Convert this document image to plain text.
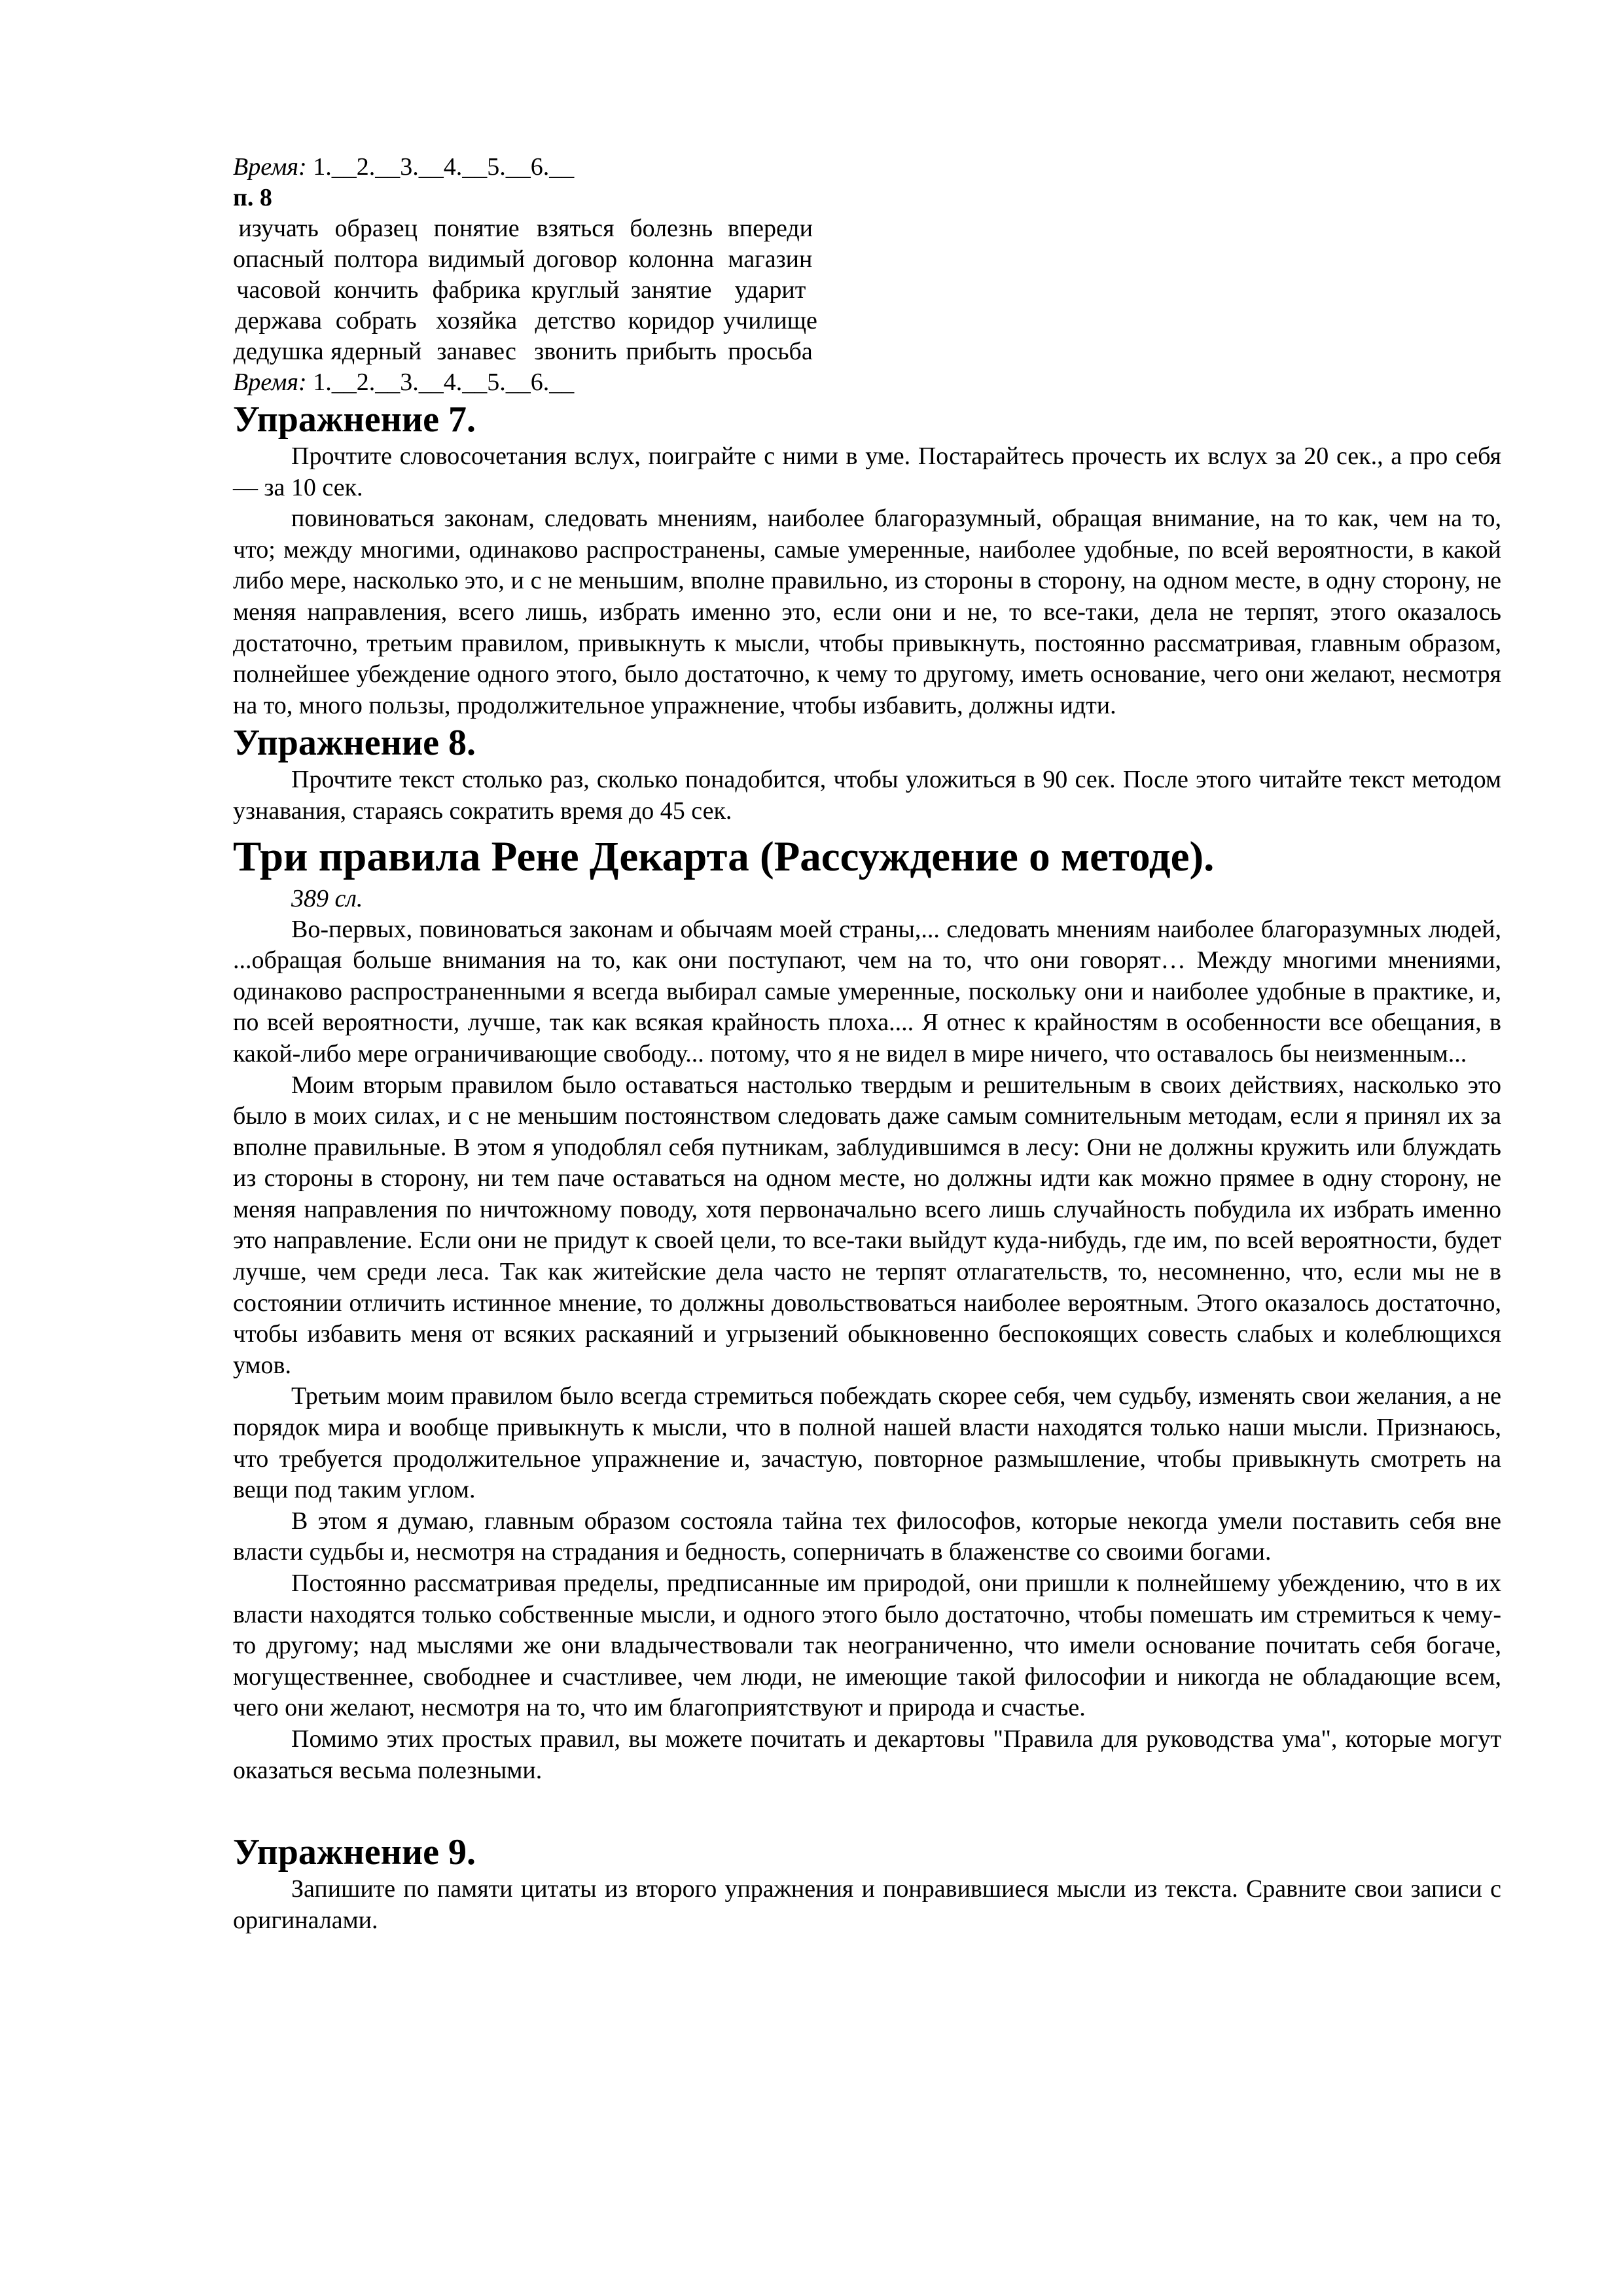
Время: 1.__2.__3.__4.__5.__6.__
п. 8
изучать	образец	понятие	взяться	болезнь	впереди
опасный	полтора	видимый	договор	колонна	магазин
часовой	кончить	фабрика	круглый	занятие	ударит
держава	собрать	хозяйка	детство	коридор	училище
дедушка	ядерный	занавес	звонить	прибыть	просьба
Время: 1.__2.__3.__4.__5.__6.__
Упражнение 7.

Прочтите словосочетания вслух, поиграйте с ними в уме. Постарайтесь прочесть их вслух за 20 сек., а про себя — за 10 сек.

повиноваться законам, следовать мнениям, наиболее благоразумный, обращая внимание, на то как, чем на то, что; между многими, одинаково распространены, самые умеренные, наиболее удобные, по всей вероятности, в какой либо мере, насколько это, и с не меньшим, вполне правильно, из стороны в сторону, на одном месте, в одну сторону, не меняя направления, всего лишь, избрать именно это, если они и не, то все-таки, дела не терпят, этого оказалось достаточно, третьим правилом, привыкнуть к мысли, чтобы привыкнуть, постоянно рассматривая, главным образом, полнейшее убеждение одного этого, было достаточно, к чему то другому, иметь основание, чего они желают, несмотря на то, много пользы, продолжительное упражнение, чтобы избавить, должны идти.

Упражнение 8.

Прочтите текст столько раз, сколько понадобится, чтобы уложиться в 90 сек. После этого читайте текст методом узнавания, стараясь сократить время до 45 сек.

Три правила Рене Декарта (Рассуждение о методе).

389 сл.

Во-первых, повиноваться законам и обычаям моей страны,... следовать мнениям наиболее благоразумных людей, ...обращая больше внимания на то, как они поступают, чем на то, что они говорят… Между многими мнениями, одинаково распространенными я всегда выбирал самые умеренные, поскольку они и наиболее удобные в практике, и, по всей вероятности, лучше, так как всякая крайность плоха.... Я отнес к крайностям в особенности все обещания, в какой-либо мере ограничивающие свободу... потому, что я не видел в мире ничего, что оставалось бы неизменным...

Моим вторым правилом было оставаться настолько твердым и решительным в своих действиях, насколько это было в моих силах, и с не меньшим постоянством следовать даже самым сомнительным методам, если я принял их за вполне правильные. В этом я уподоблял себя путникам, заблудившимся в лесу: Они не должны кружить или блуждать из стороны в сторону, ни тем паче оставаться на одном месте, но должны идти как можно прямее в одну сторону, не меняя направления по ничтожному поводу, хотя первоначально всего лишь случайность побудила их избрать именно это направление. Если они не придут к своей цели, то все-таки выйдут куда-нибудь, где им, по всей вероятности, будет лучше, чем среди леса. Так как житейские дела часто не терпят отлагательств, то, несомненно, что, если мы не в состоянии отличить истинное мнение, то должны довольствоваться наиболее вероятным. Этого оказалось достаточно, чтобы избавить меня от всяких раскаяний и угрызений обыкновенно беспокоящих совесть слабых и колеблющихся умов.

Третьим моим правилом было всегда стремиться побеждать скорее себя, чем судьбу, изменять свои желания, а не порядок мира и вообще привыкнуть к мысли, что в полной нашей власти находятся только наши мысли. Признаюсь, что требуется продолжительное упражнение и, зачастую, повторное размышление, чтобы привыкнуть смотреть на вещи под таким углом.

В этом я думаю, главным образом состояла тайна тех философов, которые некогда умели поставить себя вне власти судьбы и, несмотря на страдания и бедность, соперничать в блаженстве со своими богами.

Постоянно рассматривая пределы, предписанные им природой, они пришли к полнейшему убеждению, что в их власти находятся только собственные мысли, и одного этого было достаточно, чтобы помешать им стремиться к чему-то другому; над мыслями же они владычествовали так неограниченно, что имели основание почитать себя богаче, могущественнее, свободнее и счастливее, чем люди, не имеющие такой философии и никогда не обладающие всем, чего они желают, несмотря на то, что им благоприятствуют и природа и счастье.

Помимо этих простых правил, вы можете почитать и декартовы "Правила для руководства ума", которые могут оказаться весьма полезными.

Упражнение 9.

Запишите по памяти цитаты из второго упражнения и понравившиеся мысли из текста. Сравните свои записи с оригиналами.
